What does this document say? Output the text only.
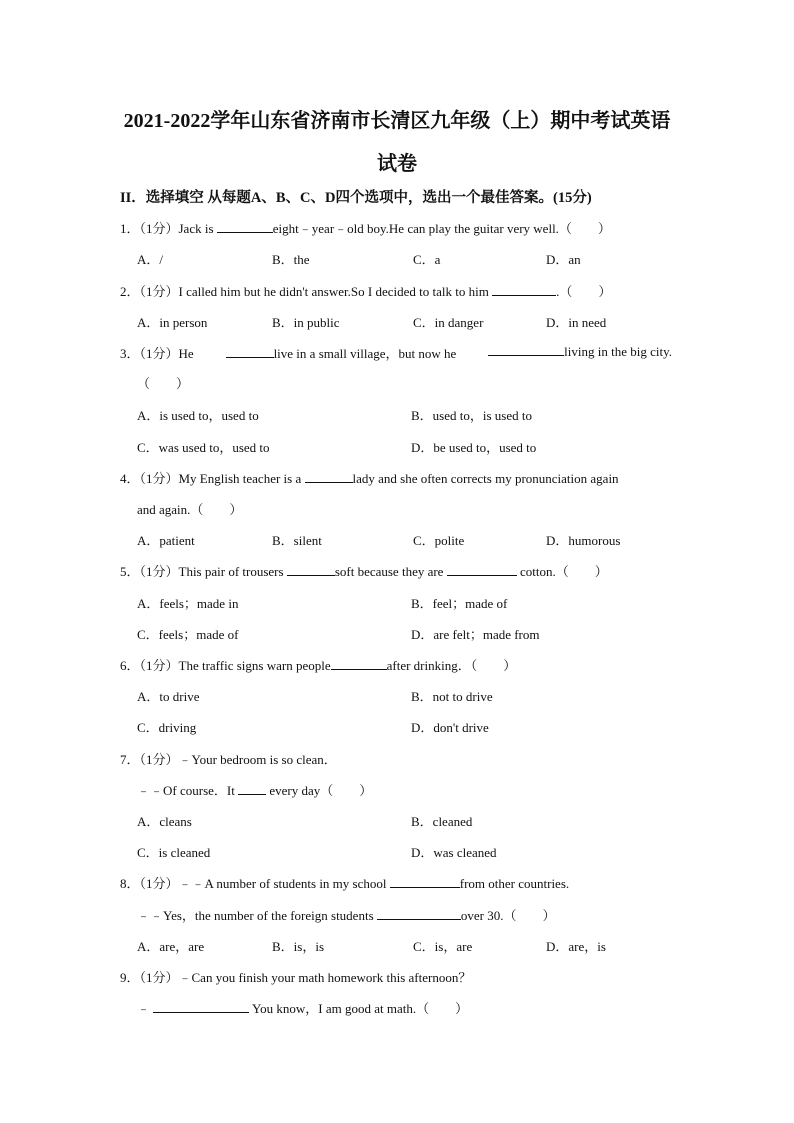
2021-2022学年山东省济南市长清区九年级（上）期中考试英语
试卷
II．选择填空 从每题A、B、C、D四个选项中，选出一个最佳答案。(15分)
1．（1分）Jack is	eight﹣year﹣old boy.He can play the guitar very well.（　　）
A．/	B．the	C．a	D．an
2．（1分）I called him but he didn't answer.So I decided to talk to him	.（　　）
A．in person	B．in public	C．in danger	D．in need
3．（1分）He	live in a small village，but now he	living in the big city.
（　　）
A．is used to，used to	B．used to，is used to
C．was used to，used to	D．be used to，used to
4．（1分）My English teacher is a	lady and she often corrects my pronunciation again
and again.（　　）
A．patient	B．silent	C．polite	D．humorous
5．（1分）This pair of trousers	soft because they are	cotton.（　　）
A．feels；made in	B．feel；made of
C．feels；made of	D．are felt；made from
6．（1分）The traffic signs warn people	after drinking．（　　）
A．to drive	B．not to drive
C．driving	D．don't drive
7．（1分）﹣Your bedroom is so clean．
﹣﹣Of course．It  every day（　　）
A．cleans	B．cleaned
C．is cleaned	D．was cleaned
8．（1分）﹣﹣A number of students in my school	from other countries.
﹣﹣Yes，the number of the foreign students	over 30.（　　）
A．are，are	B．is，is	C．is，are	D．are，is
9．（1分）﹣Can you finish your math homework this afternoon？
﹣	You know，I am good at math.（　　）
